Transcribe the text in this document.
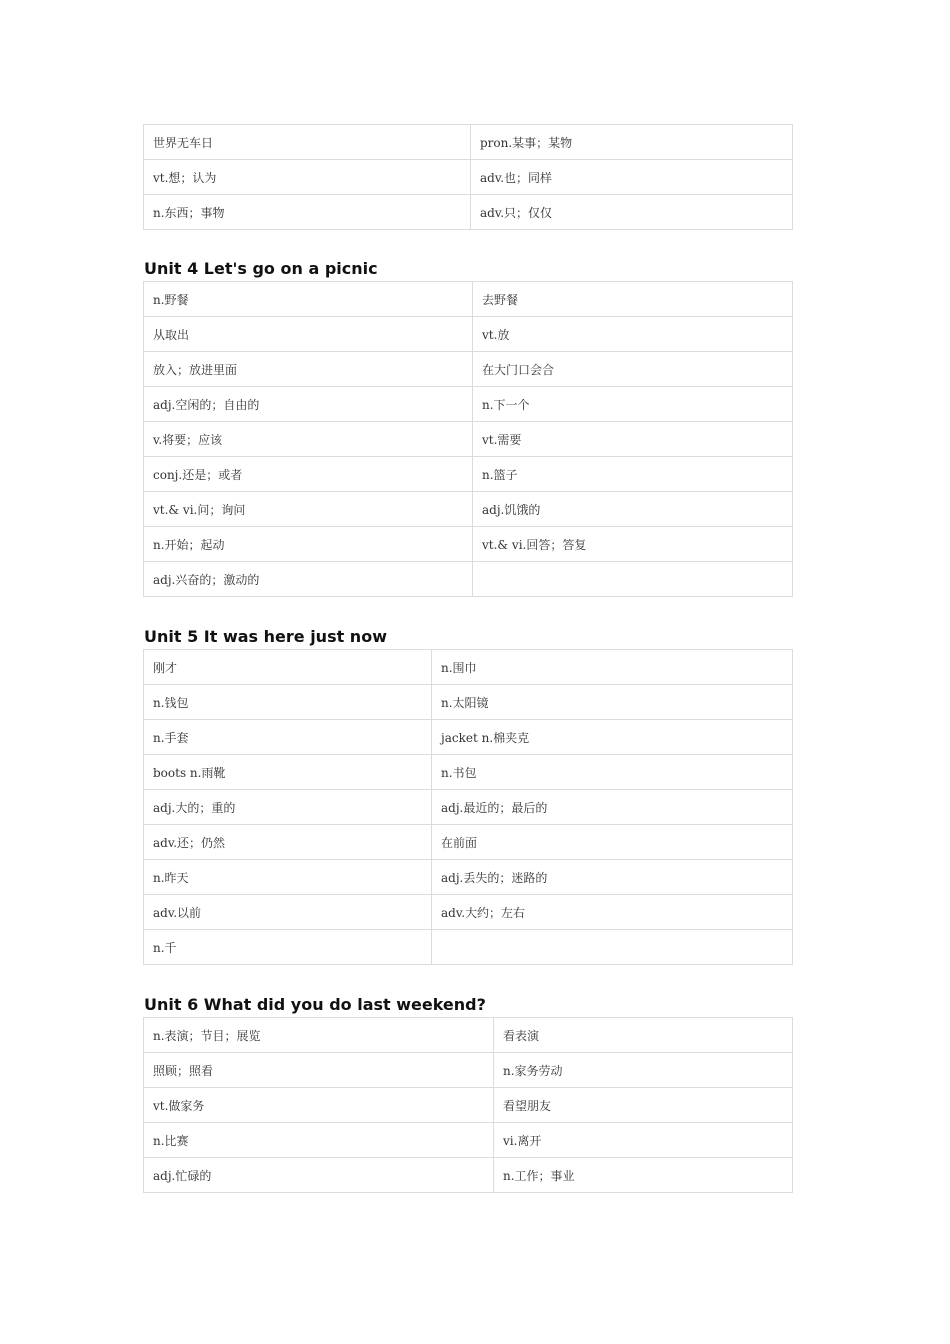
世界无车日	pron.某事；某物
vt.想；认为	adv.也；同样
n.东西；事物	adv.只；仅仅
Unit 4 Let's go on a picnic
n.野餐	去野餐
从取出	vt.放
放入；放进里面	在大门口会合
adj.空闲的；自由的	n.下一个
v.将要；应该	vt.需要
conj.还是；或者	n.篮子
vt.& vi.问；询问	adj.饥饿的
n.开始；起动	vt.& vi.回答；答复
adj.兴奋的；激动的	
Unit 5 It was here just now
刚才	n.围巾
n.钱包	n.太阳镜
n.手套	jacket n.棉夹克
boots n.雨靴	n.书包
adj.大的；重的	adj.最近的；最后的
adv.还；仍然	在前面
n.昨天	adj.丢失的；迷路的
adv.以前	adv.大约；左右
n.千	
Unit 6 What did you do last weekend?
n.表演；节目；展览	看表演
照顾；照看	n.家务劳动
vt.做家务	看望朋友
n.比赛	vi.离开
adj.忙碌的	n.工作；事业
